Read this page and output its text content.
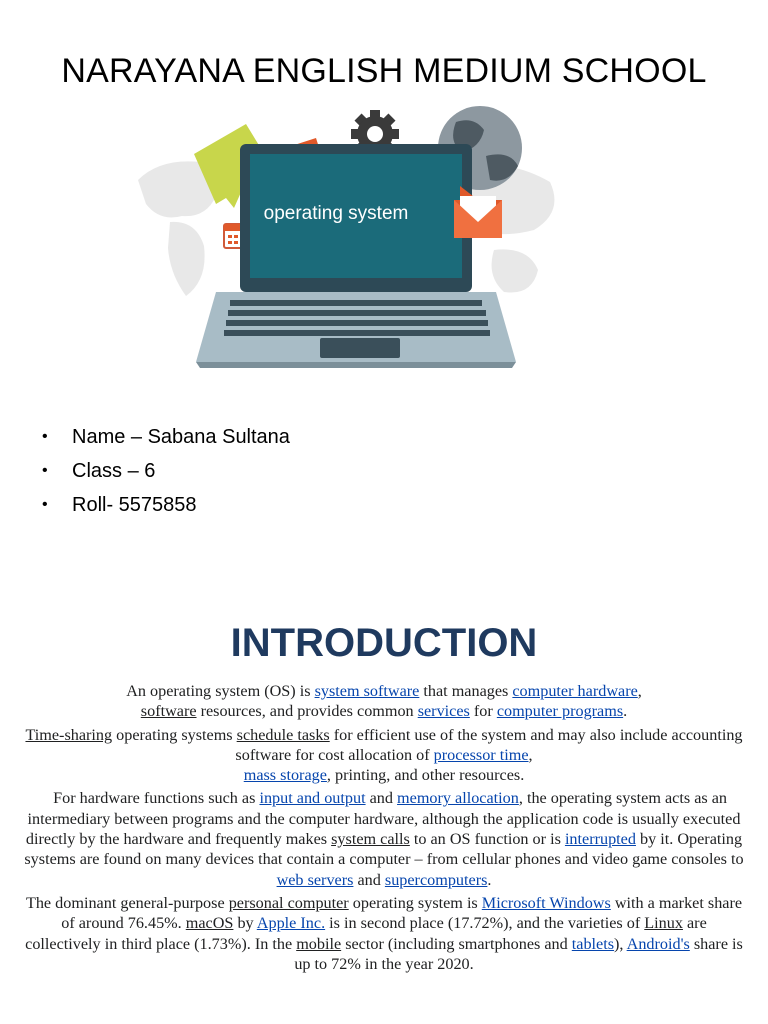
NARAYANA ENGLISH MEDIUM SCHOOL
operating system
•	Name – Sabana Sultana
•	Class – 6
•	Roll- 5575858
INTRODUCTION

An operating system (OS) is system software that manages computer hardware,
software resources, and provides common services for computer programs.

Time-sharing operating systems schedule tasks for efficient use of the system and may also include accounting software for cost allocation of processor time,
mass storage, printing, and other resources.

For hardware functions such as input and output and memory allocation, the operating system acts as an intermediary between programs and the computer hardware, although the application code is usually executed directly by the hardware and frequently makes system calls to an OS function or is interrupted by it. Operating systems are found on many devices that contain a computer – from cellular phones and video game consoles to web servers and supercomputers.

The dominant general-purpose personal computer operating system is Microsoft Windows with a market share of around 76.45%. macOS by Apple Inc. is in second place (17.72%), and the varieties of Linux are collectively in third place (1.73%). In the mobile sector (including smartphones and tablets), Android's share is up to 72% in the year 2020.
